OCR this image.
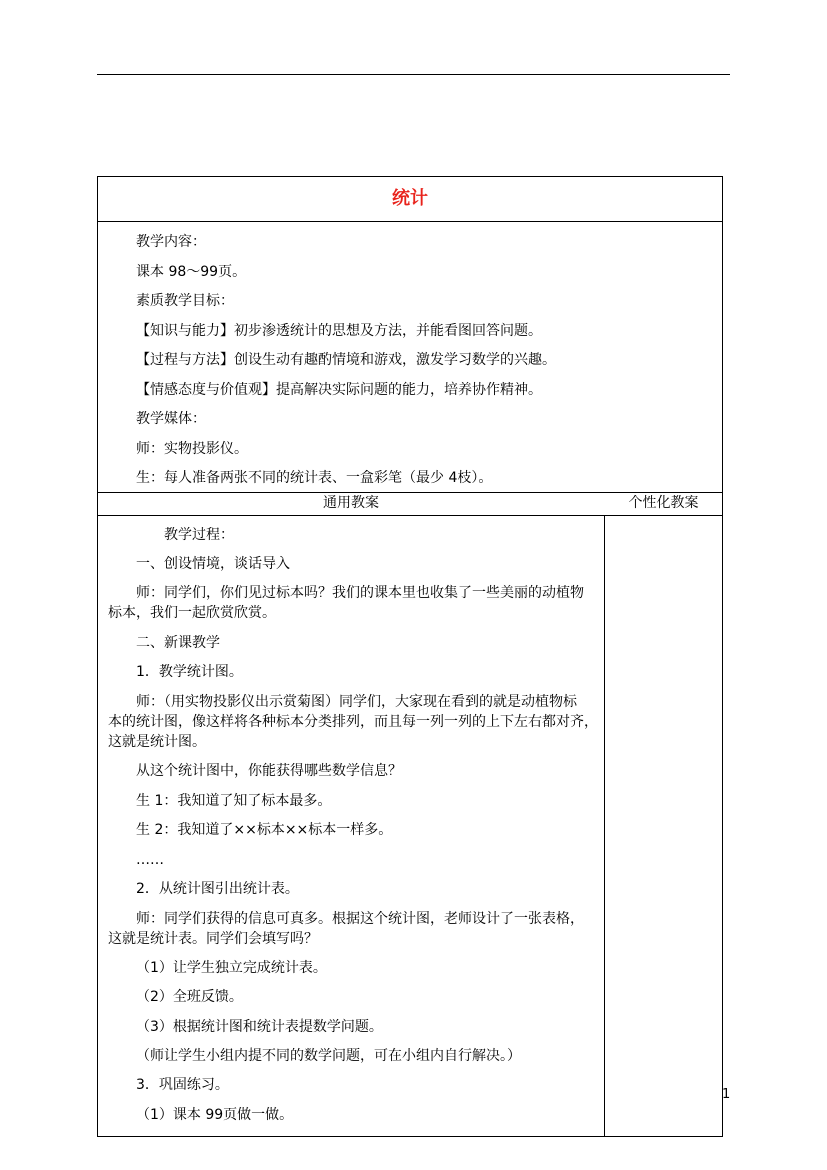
统计
教学内容：
课本 98～99页。
素质教学目标：
【知识与能力】初步渗透统计的思想及方法，并能看图回答问题。
【过程与方法】创设生动有趣酌情境和游戏，激发学习数学的兴趣。
【情感态度与价值观】提高解决实际问题的能力，培养协作精神。
教学媒体：
师：实物投影仪。
生：每人准备两张不同的统计表、一盒彩笔（最少 4枝）。
通用教案	个性化教案
教学过程：
一、创设情境，谈话导入
师：同学们，你们见过标本吗？我们的课本里也收集了一些美丽的动植物
标本，我们一起欣赏欣赏。
二、新课教学
1．教学统计图。
师：（用实物投影仪出示赏菊图）同学们，大家现在看到的就是动植物标
本的统计图，像这样将各种标本分类排列，而且每一列一列的上下左右都对齐，
这就是统计图。
从这个统计图中，你能获得哪些数学信息？
生 1：我知道了知了标本最多。
生 2：我知道了××标本××标本一样多。
……
2．从统计图引出统计表。
师：同学们获得的信息可真多。根据这个统计图，老师设计了一张表格，
这就是统计表。同学们会填写吗？
（1）让学生独立完成统计表。
（2）全班反馈。
（3）根据统计图和统计表提数学问题。
（师让学生小组内提不同的数学问题，可在小组内自行解决。）
3．巩固练习。
（1）课本 99页做一做。
1
